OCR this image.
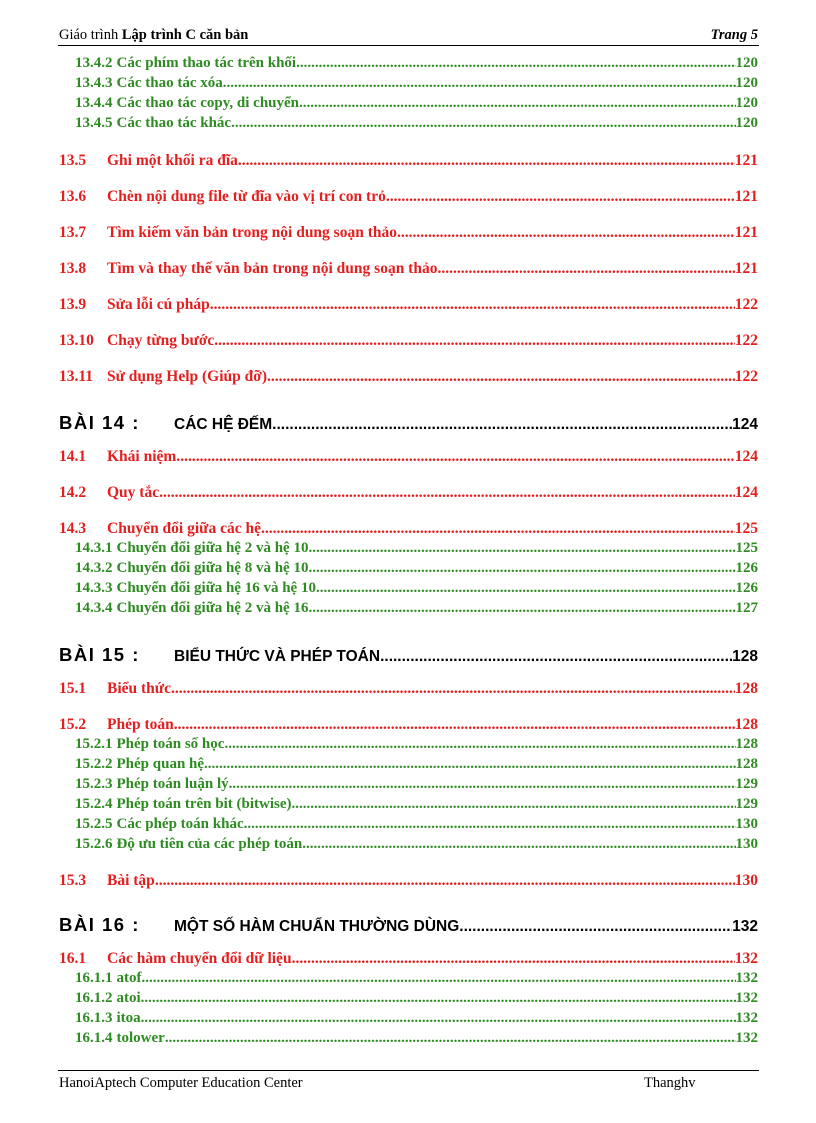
Giáo trình Lập trình C căn bản	Trang 5
13.4.2 Các phím thao tác trên khối .....	120
13.4.3 Các thao tác xóa .....	120
13.4.4 Các thao tác copy, di chuyển .....	120
13.4.5 Các thao tác khác .....	120
13.5	Ghi một khối ra đĩa .....	121
13.6	Chèn nội dung file từ đĩa vào vị trí con trỏ .....	121
13.7	Tìm kiếm văn bản trong nội dung soạn thảo .....	121
13.8	Tìm và thay thế văn bản trong nội dung soạn thảo .....	121
13.9	Sửa lỗi cú pháp .....	122
13.10 Chạy từng bước .....	122
13.11 Sử dụng Help (Giúp đỡ) .....	122
BÀI 14 :	CÁC HỆ ĐẾM .....	124
14.1	Khái niệm .....	124
14.2	Quy tắc .....	124
14.3	Chuyển đổi giữa các hệ .....	125
14.3.1 Chuyển đổi giữa hệ 2 và hệ 10 .....	125
14.3.2 Chuyển đổi giữa hệ 8 và hệ 10 .....	126
14.3.3 Chuyển đổi giữa hệ 16 và hệ 10 .....	126
14.3.4 Chuyển đổi giữa hệ 2 và hệ 16 .....	127
BÀI 15 :	BIỂU THỨC VÀ PHÉP TOÁN .....	128
15.1	Biểu thức .....	128
15.2	Phép toán .....	128
15.2.1 Phép toán số học .....	128
15.2.2 Phép quan hệ .....	128
15.2.3 Phép toán luận lý .....	129
15.2.4 Phép toán trên bit (bitwise) .....	129
15.2.5 Các phép toán khác .....	130
15.2.6 Độ ưu tiên của các phép toán .....	130
15.3	Bài tập .....	130
BÀI 16 :	MỘT SỐ HÀM CHUẨN THƯỜNG DÙNG .....	132
16.1	Các hàm chuyển đổi dữ liệu .....	132
16.1.1 atof .....	132
16.1.2 atoi .....	132
16.1.3 itoa .....	132
16.1.4 tolower .....	132
HanoiAptech Computer Education Center	Thanghv
